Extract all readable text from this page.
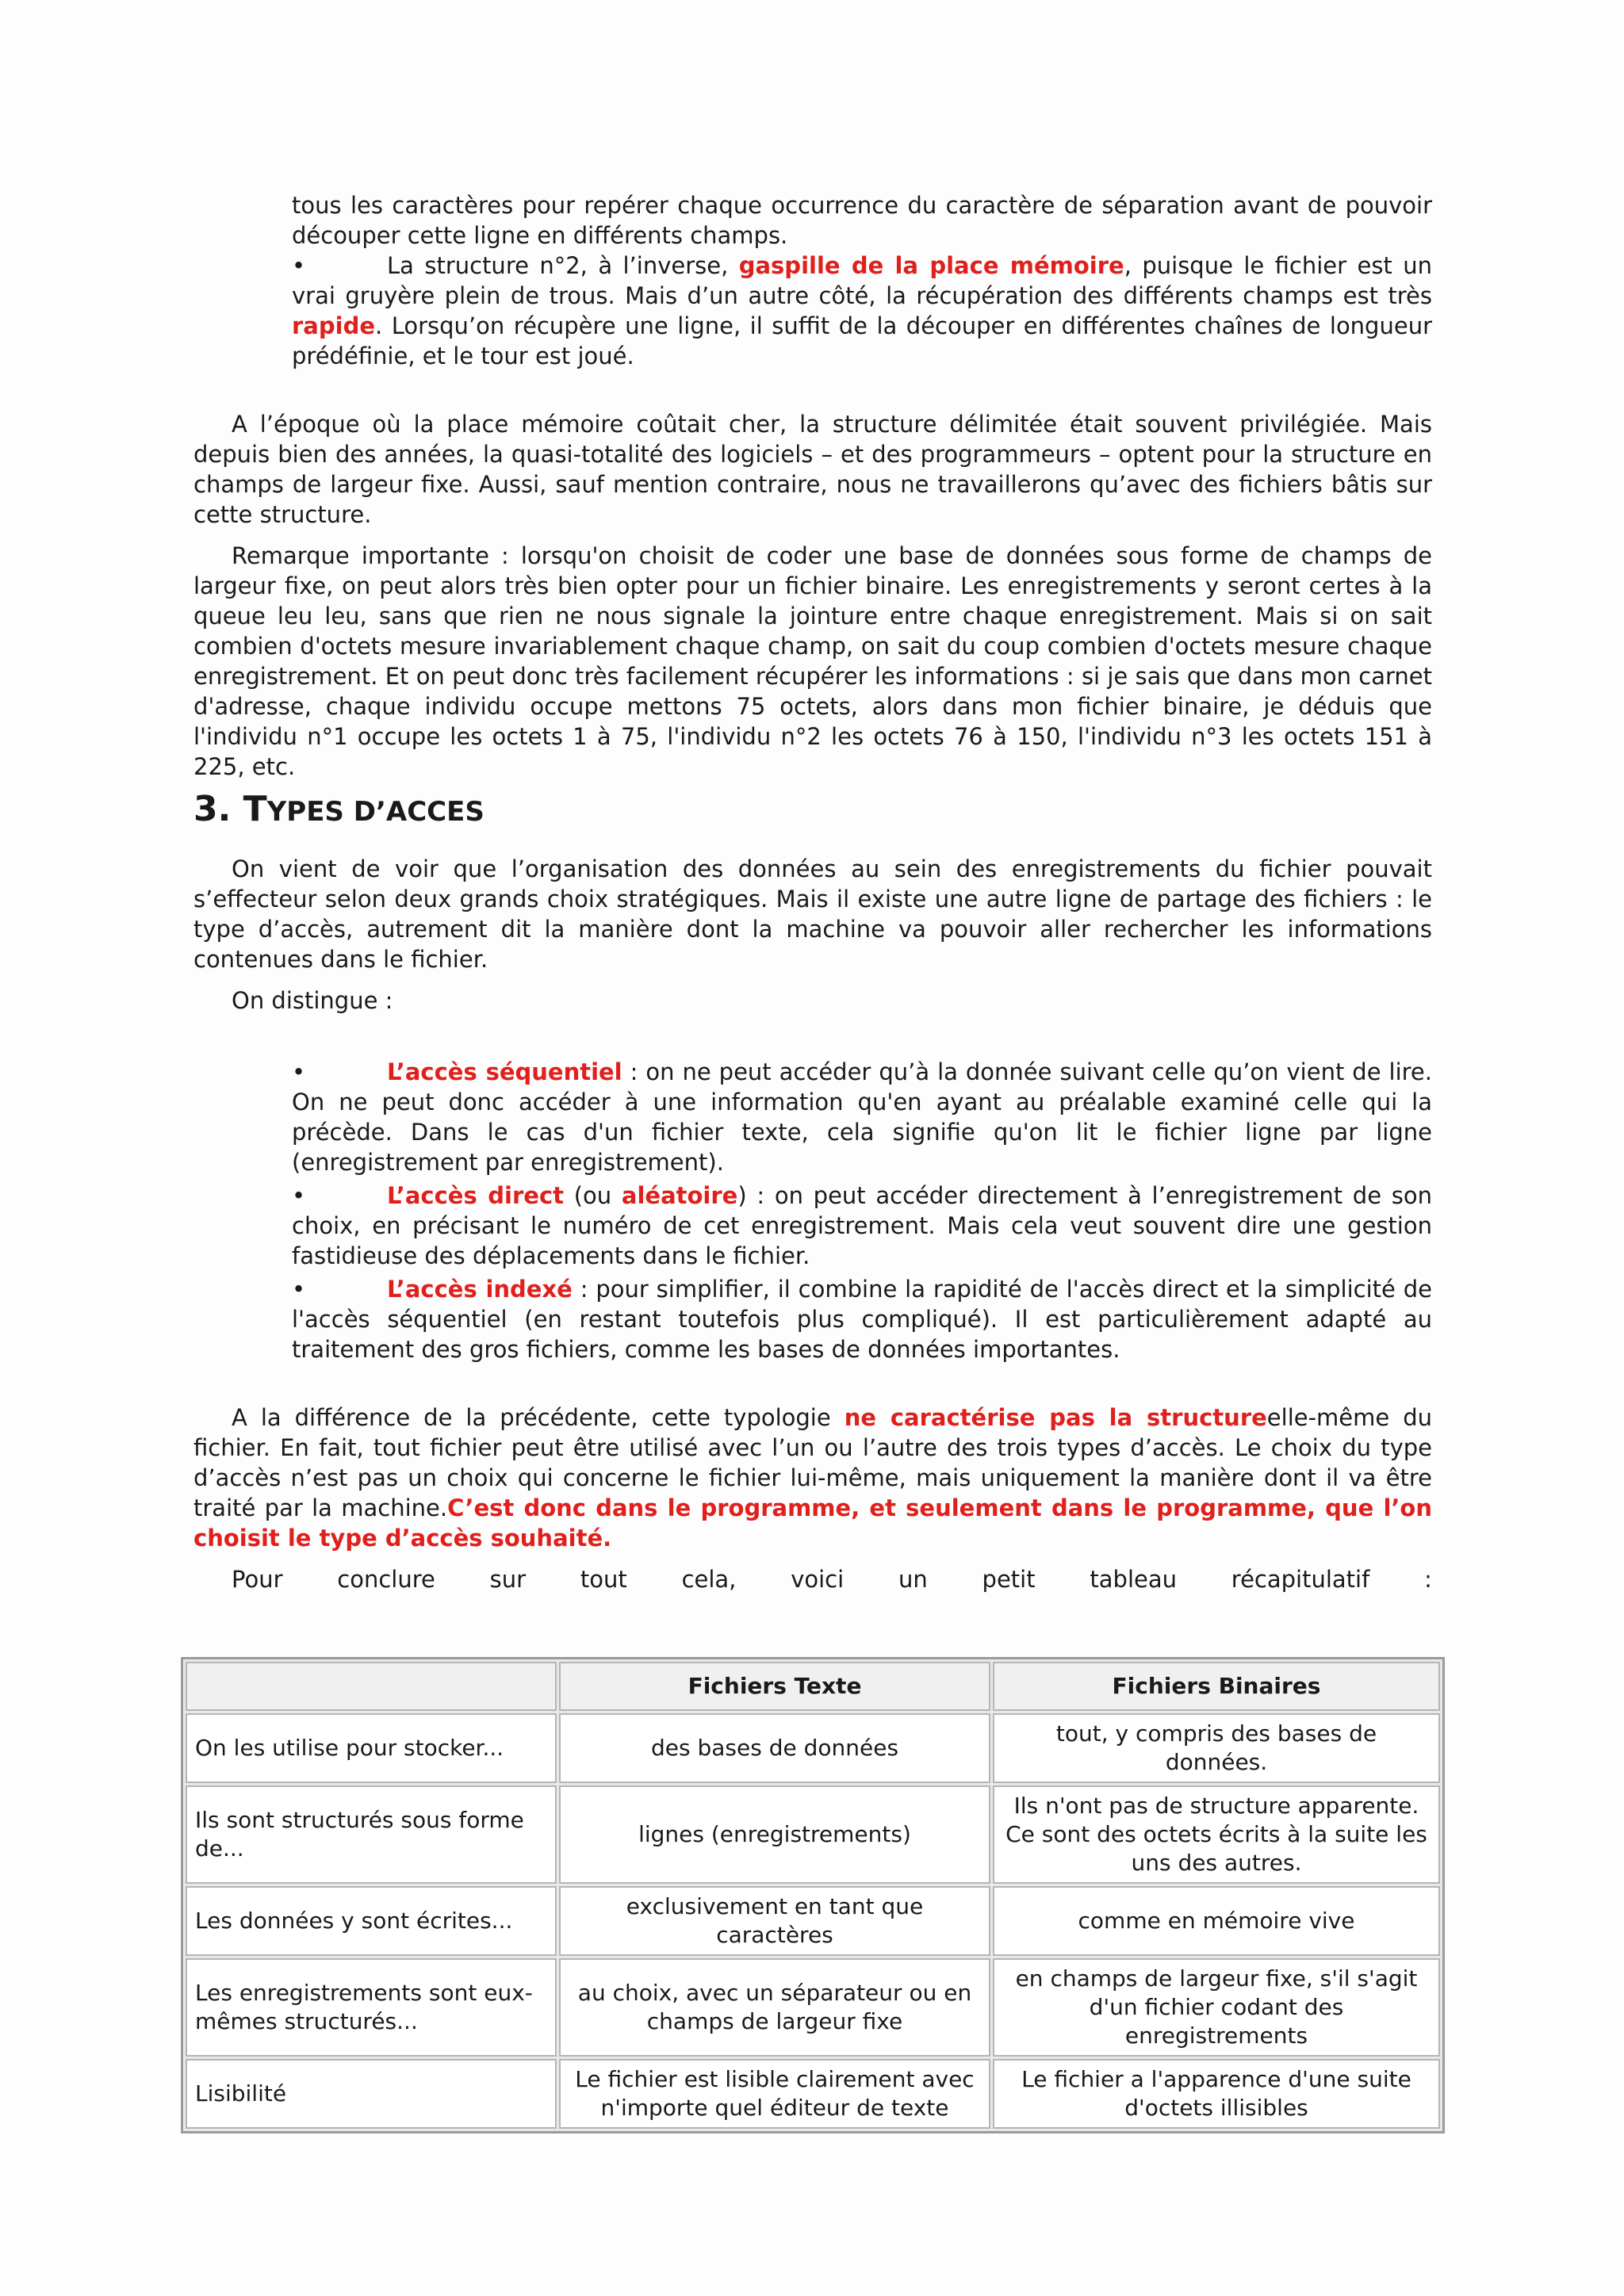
tous les caractères pour repérer chaque occurrence du caractère de séparation avant de pouvoir découper cette ligne en différents champs.
•	La structure n°2, à l’inverse, gaspille de la place mémoire, puisque le fichier est un vrai gruyère plein de trous. Mais d’un autre côté, la récupération des différents champs est très rapide. Lorsqu’on récupère une ligne, il suffit de la découper en différentes chaînes de longueur prédéfinie, et le tour est joué.

A l’époque où la place mémoire coûtait cher, la structure délimitée était souvent privilégiée. Mais depuis bien des années, la quasi-totalité des logiciels – et des programmeurs – optent pour la structure en champs de largeur fixe. Aussi, sauf mention contraire, nous ne travaillerons qu’avec des fichiers bâtis sur cette structure.

Remarque importante : lorsqu'on choisit de coder une base de données sous forme de champs de largeur fixe, on peut alors très bien opter pour un fichier binaire. Les enregistrements y seront certes à la queue leu leu, sans que rien ne nous signale la jointure entre chaque enregistrement. Mais si on sait combien d'octets mesure invariablement chaque champ, on sait du coup combien d'octets mesure chaque enregistrement. Et on peut donc très facilement récupérer les informations : si je sais que dans mon carnet d'adresse, chaque individu occupe mettons 75 octets, alors dans mon fichier binaire, je déduis que l'individu n°1 occupe les octets 1 à 75, l'individu n°2 les octets 76 à 150, l'individu n°3 les octets 151 à 225, etc.

3. TYPES D’ACCES

On vient de voir que l’organisation des données au sein des enregistrements du fichier pouvait s’effecteur selon deux grands choix stratégiques. Mais il existe une autre ligne de partage des fichiers : le type d’accès, autrement dit la manière dont la machine va pouvoir aller rechercher les informations contenues dans le fichier.

On distingue :

•	L’accès séquentiel : on ne peut accéder qu’à la donnée suivant celle qu’on vient de lire. On ne peut donc accéder à une information qu'en ayant au préalable examiné celle qui la précède. Dans le cas d'un fichier texte, cela signifie qu'on lit le fichier ligne par ligne (enregistrement par enregistrement).
•	L’accès direct (ou aléatoire) : on peut accéder directement à l’enregistrement de son choix, en précisant le numéro de cet enregistrement. Mais cela veut souvent dire une gestion fastidieuse des déplacements dans le fichier.
•	L’accès indexé : pour simplifier, il combine la rapidité de l'accès direct et la simplicité de l'accès séquentiel (en restant toutefois plus compliqué). Il est particulièrement adapté au traitement des gros fichiers, comme les bases de données importantes.

A la différence de la précédente, cette typologie ne caractérise pas la structureelle-même du fichier. En fait, tout fichier peut être utilisé avec l’un ou l’autre des trois types d’accès. Le choix du type d’accès n’est pas un choix qui concerne le fichier lui-même, mais uniquement la manière dont il va être traité par la machine.C’est donc dans le programme, et seulement dans le programme, que l’on choisit le type d’accès souhaité.

Pour conclure sur tout cela, voici un petit tableau récapitulatif :
	Fichiers Texte	Fichiers Binaires
On les utilise pour stocker...	des bases de données	tout, y compris des bases de données.
Ils sont structurés sous forme de...	lignes (enregistrements)	Ils n'ont pas de structure apparente. Ce sont des octets écrits à la suite les uns des autres.
Les données y sont écrites...	exclusivement en tant que caractères	comme en mémoire vive
Les enregistrements sont eux-mêmes structurés...	au choix, avec un séparateur ou en champs de largeur fixe	en champs de largeur fixe, s'il s'agit d'un fichier codant des enregistrements
Lisibilité	Le fichier est lisible clairement avec n'importe quel éditeur de texte	Le fichier a l'apparence d'une suite d'octets illisibles
